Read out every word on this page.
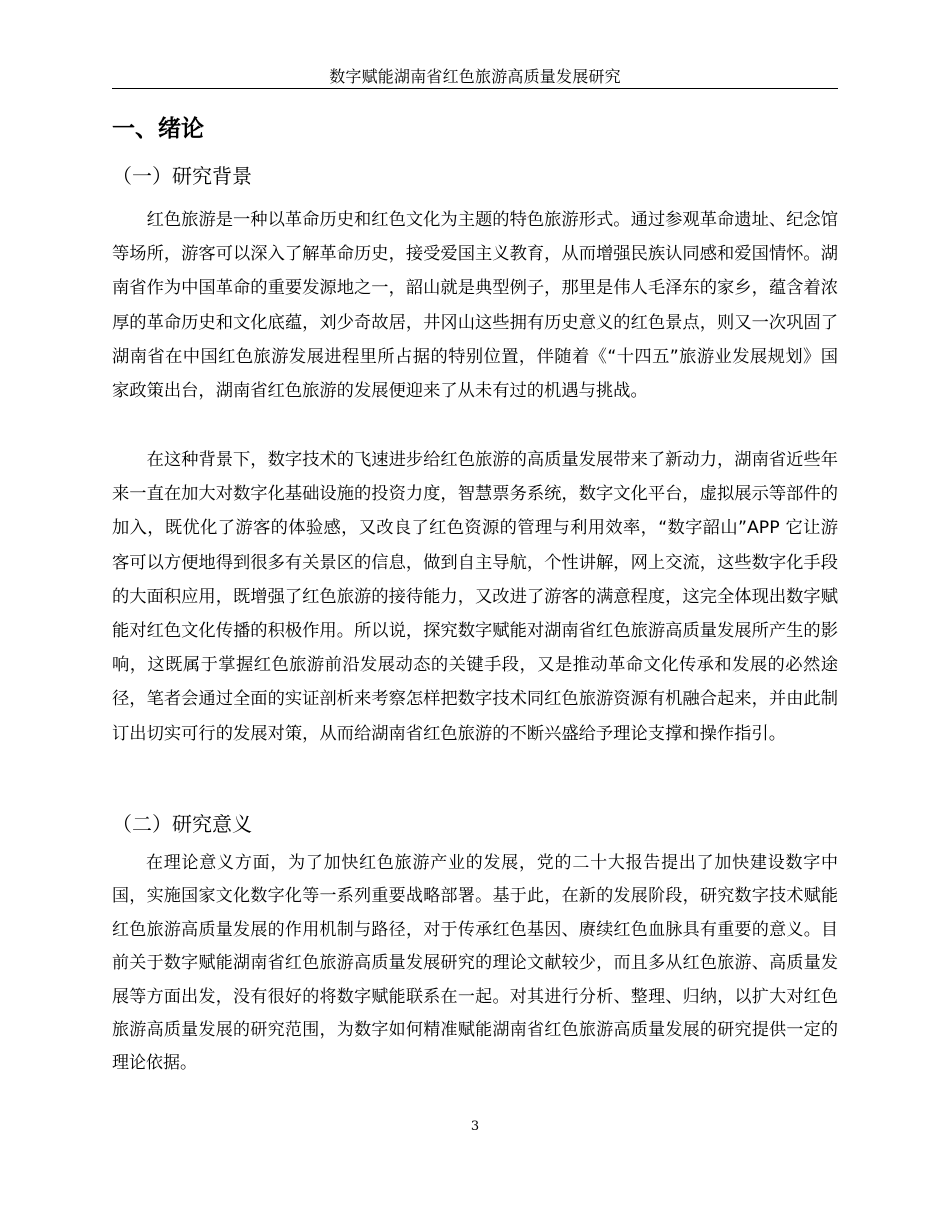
数字赋能湖南省红色旅游高质量发展研究
一、绪论
（一）研究背景

红色旅游是一种以革命历史和红色文化为主题的特色旅游形式。通过参观革命遗址、纪念馆等场所，游客可以深入了解革命历史，接受爱国主义教育，从而增强民族认同感和爱国情怀。湖南省作为中国革命的重要发源地之一，韶山就是典型例子，那里是伟人毛泽东的家乡，蕴含着浓厚的革命历史和文化底蕴，刘少奇故居，井冈山这些拥有历史意义的红色景点，则又一次巩固了湖南省在中国红色旅游发展进程里所占据的特别位置，伴随着《“十四五”旅游业发展规划》国家政策出台，湖南省红色旅游的发展便迎来了从未有过的机遇与挑战。

在这种背景下，数字技术的飞速进步给红色旅游的高质量发展带来了新动力，湖南省近些年来一直在加大对数字化基础设施的投资力度，智慧票务系统，数字文化平台，虚拟展示等部件的加入，既优化了游客的体验感，又改良了红色资源的管理与利用效率，“数字韶山”APP 它让游客可以方便地得到很多有关景区的信息，做到自主导航，个性讲解，网上交流，这些数字化手段的大面积应用，既增强了红色旅游的接待能力，又改进了游客的满意程度，这完全体现出数字赋能对红色文化传播的积极作用。所以说，探究数字赋能对湖南省红色旅游高质量发展所产生的影响，这既属于掌握红色旅游前沿发展动态的关键手段，又是推动革命文化传承和发展的必然途径，笔者会通过全面的实证剖析来考察怎样把数字技术同红色旅游资源有机融合起来，并由此制订出切实可行的发展对策，从而给湖南省红色旅游的不断兴盛给予理论支撑和操作指引。

（二）研究意义

在理论意义方面，为了加快红色旅游产业的发展，党的二十大报告提出了加快建设数字中国，实施国家文化数字化等一系列重要战略部署。基于此，在新的发展阶段，研究数字技术赋能红色旅游高质量发展的作用机制与路径，对于传承红色基因、赓续红色血脉具有重要的意义。目前关于数字赋能湖南省红色旅游高质量发展研究的理论文献较少，而且多从红色旅游、高质量发展等方面出发，没有很好的将数字赋能联系在一起。对其进行分析、整理、归纳，以扩大对红色旅游高质量发展的研究范围，为数字如何精准赋能湖南省红色旅游高质量发展的研究提供一定的理论依据。

3
